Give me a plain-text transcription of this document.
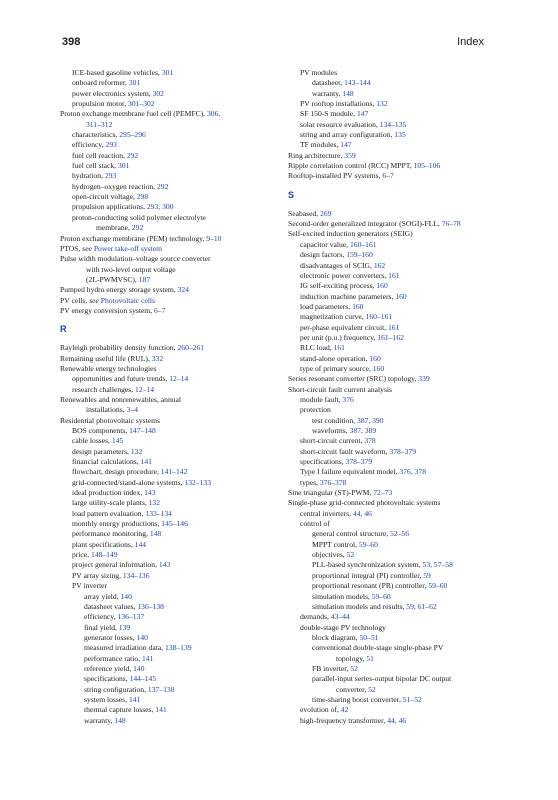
398	Index
ICE-based gasoline vehicles, 301
onboard reformer, 301
power electronics system, 302
propulsion motor, 301–302
Proton exchange membrane fuel cell (PEMFC), 306,
311–312
characteristics, 295–296
efficiency, 293
fuel cell reaction, 292
fuel cell stack, 301
hydration, 293
hydrogen–oxygen reaction, 292
open-circuit voltage, 298
propulsion applications, 293, 300
proton-conducting solid polymer electrolyte
membrane, 292
Proton exchange membrane (PEM) technology, 9–10
PTOS, see Power take-off system
Pulse width modulation–voltage source converter
with two-level output voltage
(2L-PWMVSC), 187
Pumped hydro energy storage system, 324
PV cells, see Photovoltaic cells
PV energy conversion system, 6–7
R
Rayleigh probability density function, 260–261
Remaining useful life (RUL), 332
Renewable energy technologies
opportunities and future trends, 12–14
research challenges, 12–14
Renewables and nonrenewables, annual
installations, 3–4
Residential photovoltaic systems
BOS components, 147–148
cable losses, 145
design parameters, 132
financial calculations, 141
flowchart, design procedure, 141–142
grid-connected/stand-alone systems, 132–133
ideal production index, 143
large utility-scale plants, 132
load pattern evaluation, 133–134
monthly energy productions, 145–146
performance monitoring, 148
plant specifications, 144
price, 148–149
project general information, 143
PV array sizing, 134–136
PV inverter
array yield, 140
datasheet values, 136–138
efficiency, 136–137
final yield, 139
generator losses, 140
measured irradiation data, 138–139
performance ratio, 141
reference yield, 140
specifications, 144–145
string configuration, 137–138
system losses, 141
thermal capture losses, 141
warranty, 148
PV modules
datasheet, 143–144
warranty, 148
PV rooftop installations, 132
SF 150-S module, 147
solar resource evaluation, 134–135
string and array configuration, 135
TF modules, 147
Ring architecture, 359
Ripple correlation control (RCC) MPPT, 105–106
Rooftop-installed PV systems, 6–7
S
Seabased, 269
Second-order generalized integrator (SOGI)-FLL, 76–78
Self-excited induction generators (SEIG)
capacitor value, 160–161
design factors, 159–160
disadvantages of SCIG, 162
electronic power converters, 161
IG self-exciting process, 160
induction machine parameters, 160
load parameters, 160
magnetization curve, 160–161
per-phase equivalent circuit, 161
per unit (p.u.) frequency, 161–162
RLC load, 161
stand-alone operation, 160
type of primary source, 160
Series resonant converter (SRC) topology, 339
Short-circuit fault current analysis
module fault, 376
protection
test condition, 387, 390
waveforms, 387, 389
short-circuit current, 378
short-circuit fault waveform, 378–379
specifications, 378–379
Type I failure equivalent model, 376, 378
types, 376–378
Sine triangular (ST)-PWM, 72–73
Single-phase grid-connected photovoltaic systems
central inverters, 44, 46
control of
general control structure, 52–56
MPPT control, 59–60
objectives, 52
PLL-based synchronization system, 53, 57–58
proportional integral (PI) controller, 59
proportional resonant (PR) controller, 59–60
simulation models, 59–60
simulation models and results, 59, 61–62
demands, 43–44
double-stage PV technology
block diagram, 50–51
conventional double-stage single-phase PV
topology, 51
FB inverter, 52
parallel-input series-output bipolar DC output
converter, 52
time-sharing boost converter, 51–52
evolution of, 42
high-frequency transformer, 44, 46
